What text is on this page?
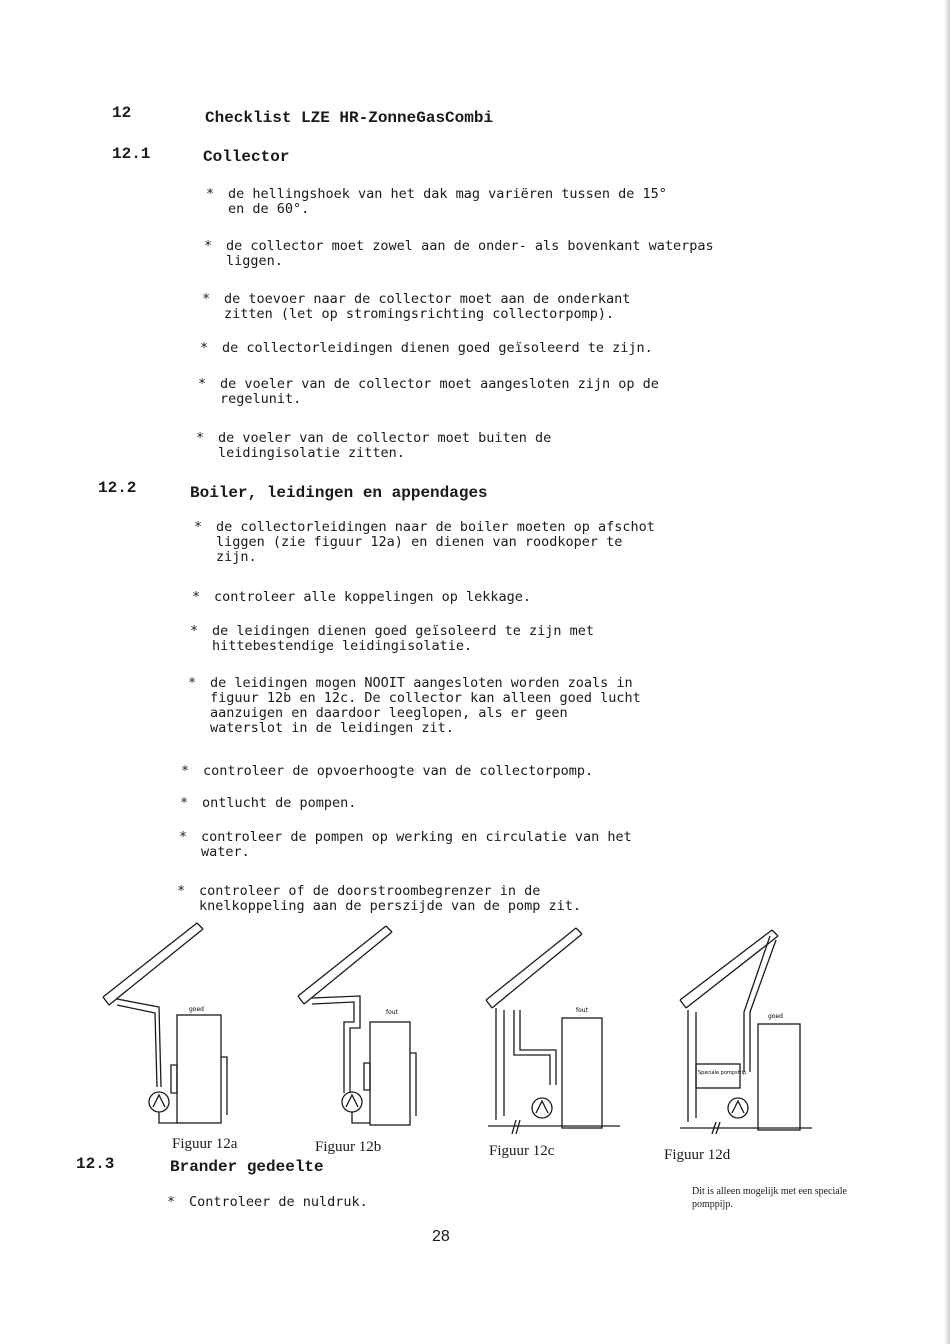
12	Checklist LZE HR-ZonneGasCombi
12.1	Collector
* de hellingshoek van het dak mag variëren tussen de 15°
en de 60°.
* de collector moet zowel aan de onder- als bovenkant waterpas
liggen.
* de toevoer naar de collector moet aan de onderkant
zitten (let op stromingsrichting collectorpomp).
* de collectorleidingen dienen goed geïsoleerd te zijn.
* de voeler van de collector moet aangesloten zijn op de
regelunit.
* de voeler van de collector moet buiten de
leidingisolatie zitten.
12.2	Boiler, leidingen en appendages
* de collectorleidingen naar de boiler moeten op afschot
liggen (zie figuur 12a) en dienen van roodkoper te
zijn.
* controleer alle koppelingen op lekkage.
* de leidingen dienen goed geïsoleerd te zijn met
hittebestendige leidingisolatie.
* de leidingen mogen NOOIT aangesloten worden zoals in
figuur 12b en 12c. De collector kan alleen goed lucht
aanzuigen en daardoor leeglopen, als er geen
waterslot in de leidingen zit.
* controleer de opvoerhoogte van de collectorpomp.
* ontlucht de pompen.
* controleer de pompen op werking en circulatie van het
water.
* controleer of de doorstroombegrenzer in de
knelkoppeling aan de perszijde van de pomp zit.
goed
Figuur 12a
fout
Figuur 12b
fout
Figuur 12c
goed
Speciale pompstrip
Figuur 12d
12.3	Brander gedeelte
* Controleer de nuldruk.
Dit is alleen mogelijk met een speciale pomppijp.
28
